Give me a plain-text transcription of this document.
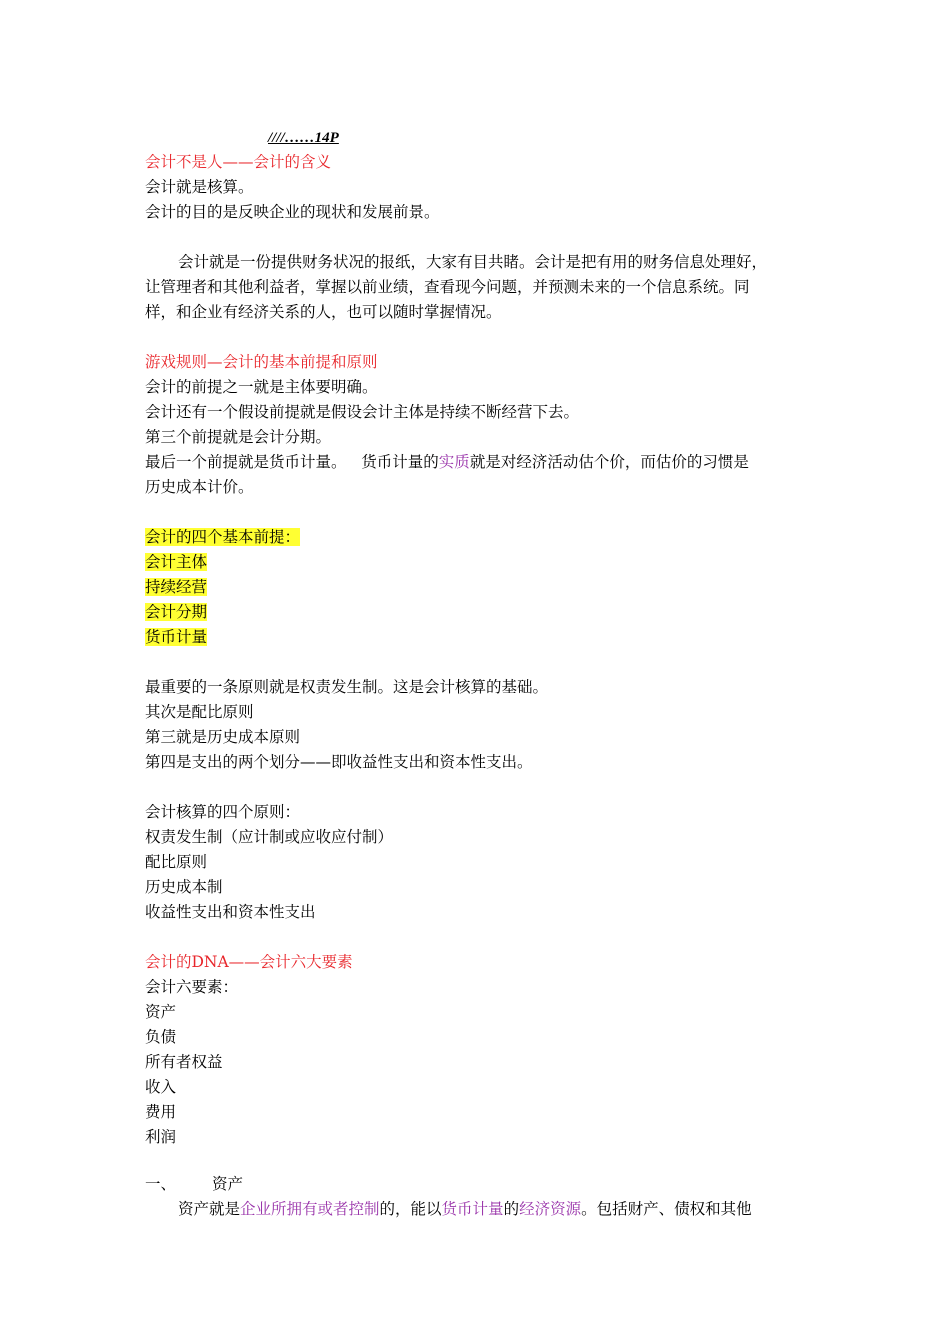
////……14P
会计不是人——会计的含义
会计就是核算。
会计的目的是反映企业的现状和发展前景。
会计就是一份提供财务状况的报纸，大家有目共睹。会计是把有用的财务信息处理好，
让管理者和其他利益者，掌握以前业绩，查看现今问题，并预测未来的一个信息系统。同
样，和企业有经济关系的人，也可以随时掌握情况。
游戏规则—会计的基本前提和原则
会计的前提之一就是主体要明确。
会计还有一个假设前提就是假设会计主体是持续不断经营下去。
第三个前提就是会计分期。
最后一个前提就是货币计量。   货币计量的实质就是对经济活动估个价，而估价的习惯是
历史成本计价。
会计的四个基本前提：
会计主体
持续经营
会计分期
货币计量
最重要的一条原则就是权责发生制。这是会计核算的基础。
其次是配比原则
第三就是历史成本原则
第四是支出的两个划分——即收益性支出和资本性支出。
会计核算的四个原则：
权责发生制（应计制或应收应付制）
配比原则
历史成本制
收益性支出和资本性支出
会计的DNA——会计六大要素
会计六要素：
资产
负债
所有者权益
收入
费用
利润
一、 资产
资产就是企业所拥有或者控制的，能以货币计量的经济资源。包括财产、债权和其他
